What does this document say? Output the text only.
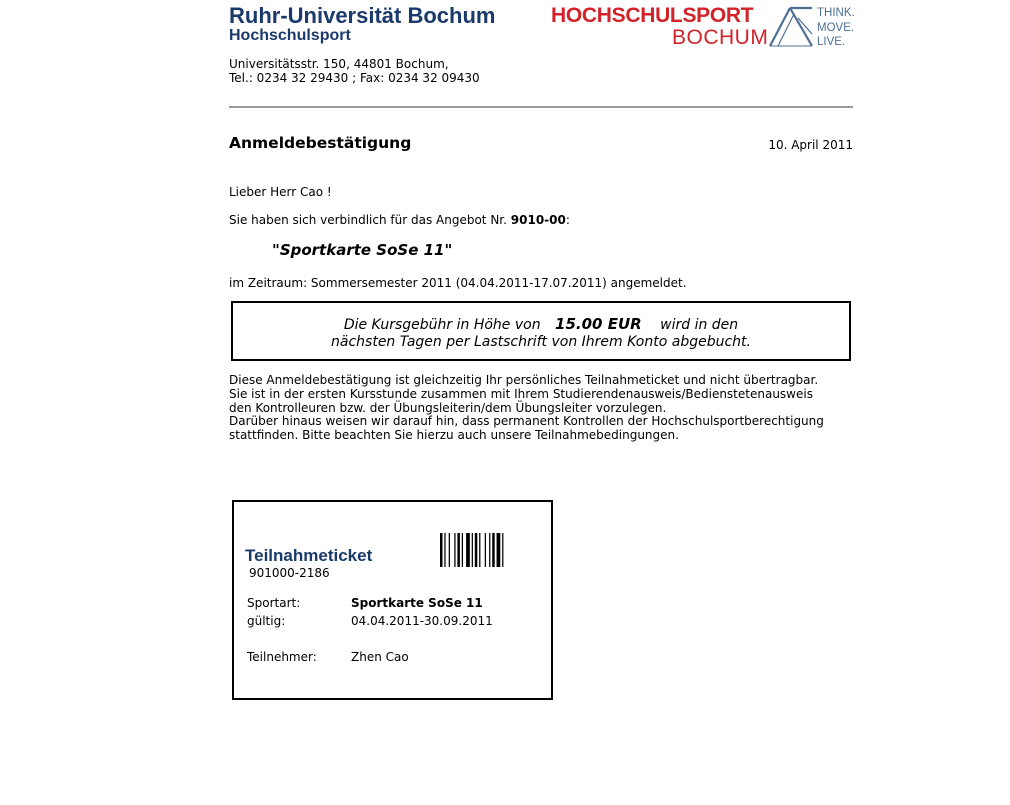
Ruhr-Universität Bochum
Hochschulsport
HOCHSCHULSPORT
BOCHUM
THINK.
MOVE.
LIVE.
Universitätsstr. 150, 44801 Bochum,
Tel.: 0234 32 29430 ; Fax: 0234 32 09430
Anmeldebestätigung	10. April 2011
Lieber Herr Cao !
Sie haben sich verbindlich für das Angebot Nr. 9010-00:
"Sportkarte SoSe 11"
im Zeitraum: Sommersemester 2011 (04.04.2011-17.07.2011) angemeldet.
Die Kursgebühr in Höhe von 15.00 EUR wird in den
nächsten Tagen per Lastschrift von Ihrem Konto abgebucht.
Diese Anmeldebestätigung ist gleichzeitig Ihr persönliches Teilnahmeticket und nicht übertragbar.
Sie ist in der ersten Kursstunde zusammen mit Ihrem Studierendenausweis/Bedienstetenausweis
den Kontrolleuren bzw. der Übungsleiterin/dem Übungsleiter vorzulegen.
Darüber hinaus weisen wir darauf hin, dass permanent Kontrollen der Hochschulsportberechtigung
stattfinden. Bitte beachten Sie hierzu auch unsere Teilnahmebedingungen.
Teilnahmeticket
901000-2186
Sportart:	Sportkarte SoSe 11
gültig:	04.04.2011-30.09.2011
Teilnehmer:	Zhen Cao
